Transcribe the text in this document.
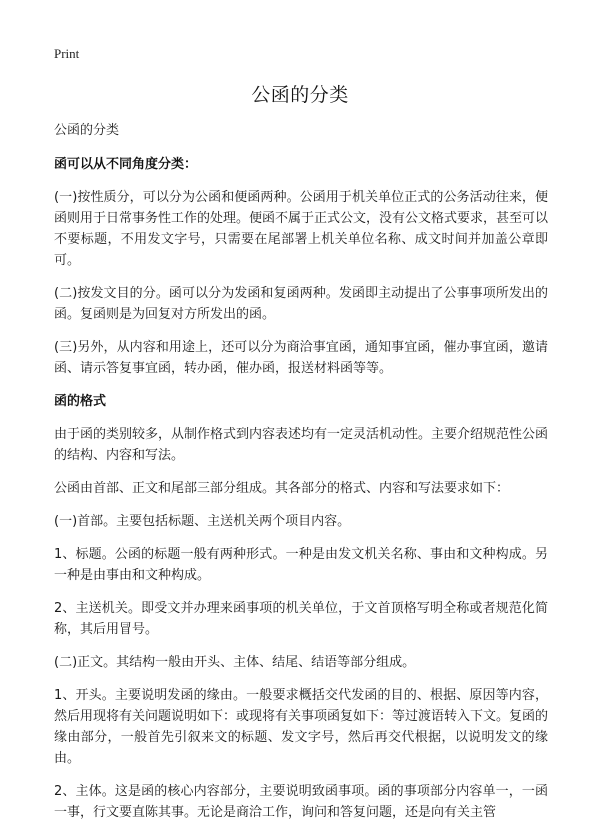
Print
公函的分类

公函的分类

函可以从不同角度分类：

(一)按性质分，可以分为公函和便函两种。公函用于机关单位正式的公务活动往来，便函则用于日常事务性工作的处理。便函不属于正式公文，没有公文格式要求，甚至可以不要标题，不用发文字号，只需要在尾部署上机关单位名称、成文时间并加盖公章即可。

(二)按发文目的分。函可以分为发函和复函两种。发函即主动提出了公事事项所发出的函。复函则是为回复对方所发出的函。

(三)另外，从内容和用途上，还可以分为商洽事宜函，通知事宜函，催办事宜函，邀请函、请示答复事宜函，转办函，催办函，报送材料函等等。

函的格式

由于函的类别较多，从制作格式到内容表述均有一定灵活机动性。主要介绍规范性公函的结构、内容和写法。

公函由首部、正文和尾部三部分组成。其各部分的格式、内容和写法要求如下：

(一)首部。主要包括标题、主送机关两个项目内容。

1、标题。公函的标题一般有两种形式。一种是由发文机关名称、事由和文种构成。另一种是由事由和文种构成。

2、主送机关。即受文并办理来函事项的机关单位，于文首顶格写明全称或者规范化简称，其后用冒号。

(二)正文。其结构一般由开头、主体、结尾、结语等部分组成。

1、开头。主要说明发函的缘由。一般要求概括交代发函的目的、根据、原因等内容，然后用现将有关问题说明如下：或现将有关事项函复如下：等过渡语转入下文。复函的缘由部分，一般首先引叙来文的标题、发文字号，然后再交代根据，以说明发文的缘由。

2、主体。这是函的核心内容部分，主要说明致函事项。函的事项部分内容单一，一函一事，行文要直陈其事。无论是商洽工作，询问和答复问题，还是向有关主管
